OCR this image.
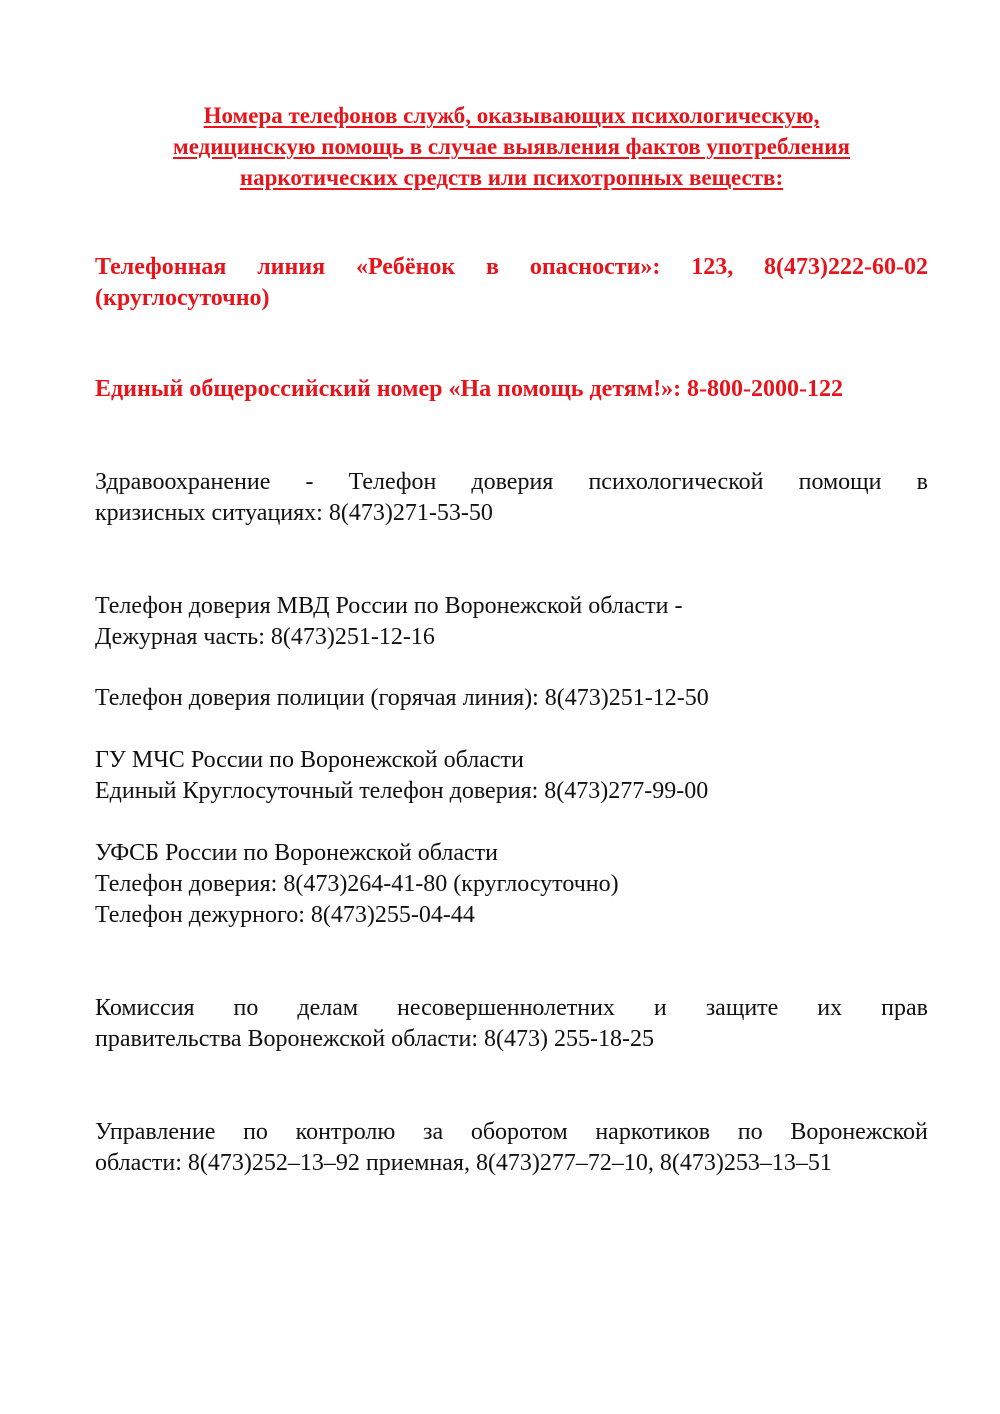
Номера телефонов служб, оказывающих психологическую,
медицинскую помощь в случае выявления фактов употребления
наркотических средств или психотропных веществ:
Телефонная линия «Ребёнок в опасности»: 123, 8(473)222-60-02
(круглосуточно)
Единый общероссийский номер «На помощь детям!»: 8-800-2000-122
Здравоохранение - Телефон доверия психологической помощи в
кризисных ситуациях: 8(473)271-53-50
Телефон доверия МВД России по Воронежской области -
Дежурная часть: 8(473)251-12-16
Телефон доверия полиции (горячая линия): 8(473)251-12-50
ГУ МЧС России по Воронежской области
Единый Круглосуточный телефон доверия: 8(473)277-99-00
УФСБ России по Воронежской области
Телефон доверия: 8(473)264-41-80 (круглосуточно)
Телефон дежурного: 8(473)255-04-44
Комиссия по делам несовершеннолетних и защите их прав
правительства Воронежской области: 8(473) 255-18-25
Управление по контролю за оборотом наркотиков по Воронежской
области: 8(473)252–13–92 приемная, 8(473)277–72–10, 8(473)253–13–51
